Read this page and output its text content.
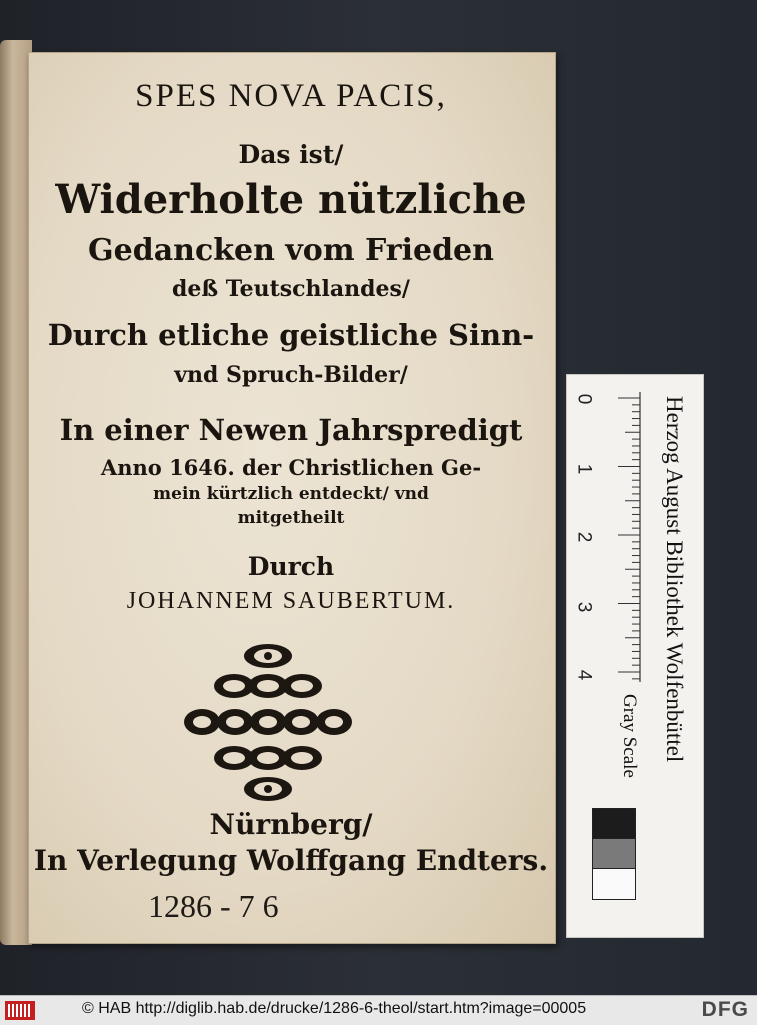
SPES NOVA PACIS,
Das ist/
Widerholte nützliche
Gedancken vom Frieden
deß Teutschlandes/
Durch etliche geistliche Sinn-
vnd Spruch-Bilder/
In einer Newen Jahrspredigt
Anno 1646. der Christlichen Ge-
mein kürtzlich entdeckt/ vnd
mitgetheilt
Durch
JOHANNEM SAUBERTUM.
Nürnberg/
In Verlegung Wolffgang Endters.
1286 - 7 6
0
1
2
3
4
Gray Scale Herzog August Bibliothek Wolfenbüttel
© HAB http://diglib.hab.de/drucke/1286-6-theol/start.htm?image=00005	DFG
